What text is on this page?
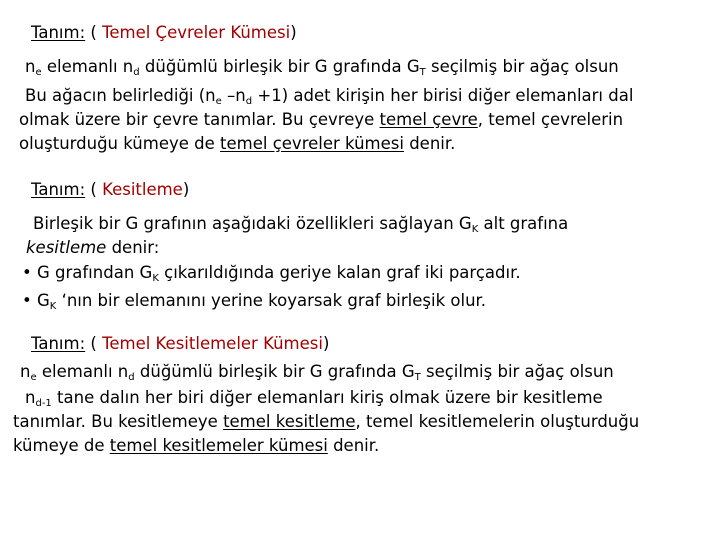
Tanım: ( Temel Çevreler Kümesi)
$n_e$ elemanlı $n_d$ düğümlü birleşik bir G grafında $G_T$ seçilmiş bir ağaç olsun
Bu ağacın belirlediği ($n_e$ $-n_d +1$) adet kirişin her birisi diğer elemanları dal
olmak üzere bir çevre tanımlar. Bu çevreye temel çevre, temel çevrelerin
oluşturduğu kümeye de temel çevreler kümesi denir.
Tanım: ( Kesitleme)
Birleşik bir G grafının aşağıdaki özellikleri sağlayan $G_K$ alt grafına
kesitleme denir:
• G grafından $G_K$ çıkarıldığında geriye kalan graf iki parçadır.
• $G_K$ ‘nın bir elemanını yerine koyarsak graf birleşik olur.
Tanım: ( Temel Kesitlemeler Kümesi)
$n_e$ elemanlı $n_d$ düğümlü birleşik bir G grafında $G_T$ seçilmiş bir ağaç olsun
$n_{d-1}$ tane dalın her biri diğer elemanları kiriş olmak üzere bir kesitleme
tanımlar. Bu kesitlemeye temel kesitleme, temel kesitlemelerin oluşturduğu
kümeye de temel kesitlemeler kümesi denir.
